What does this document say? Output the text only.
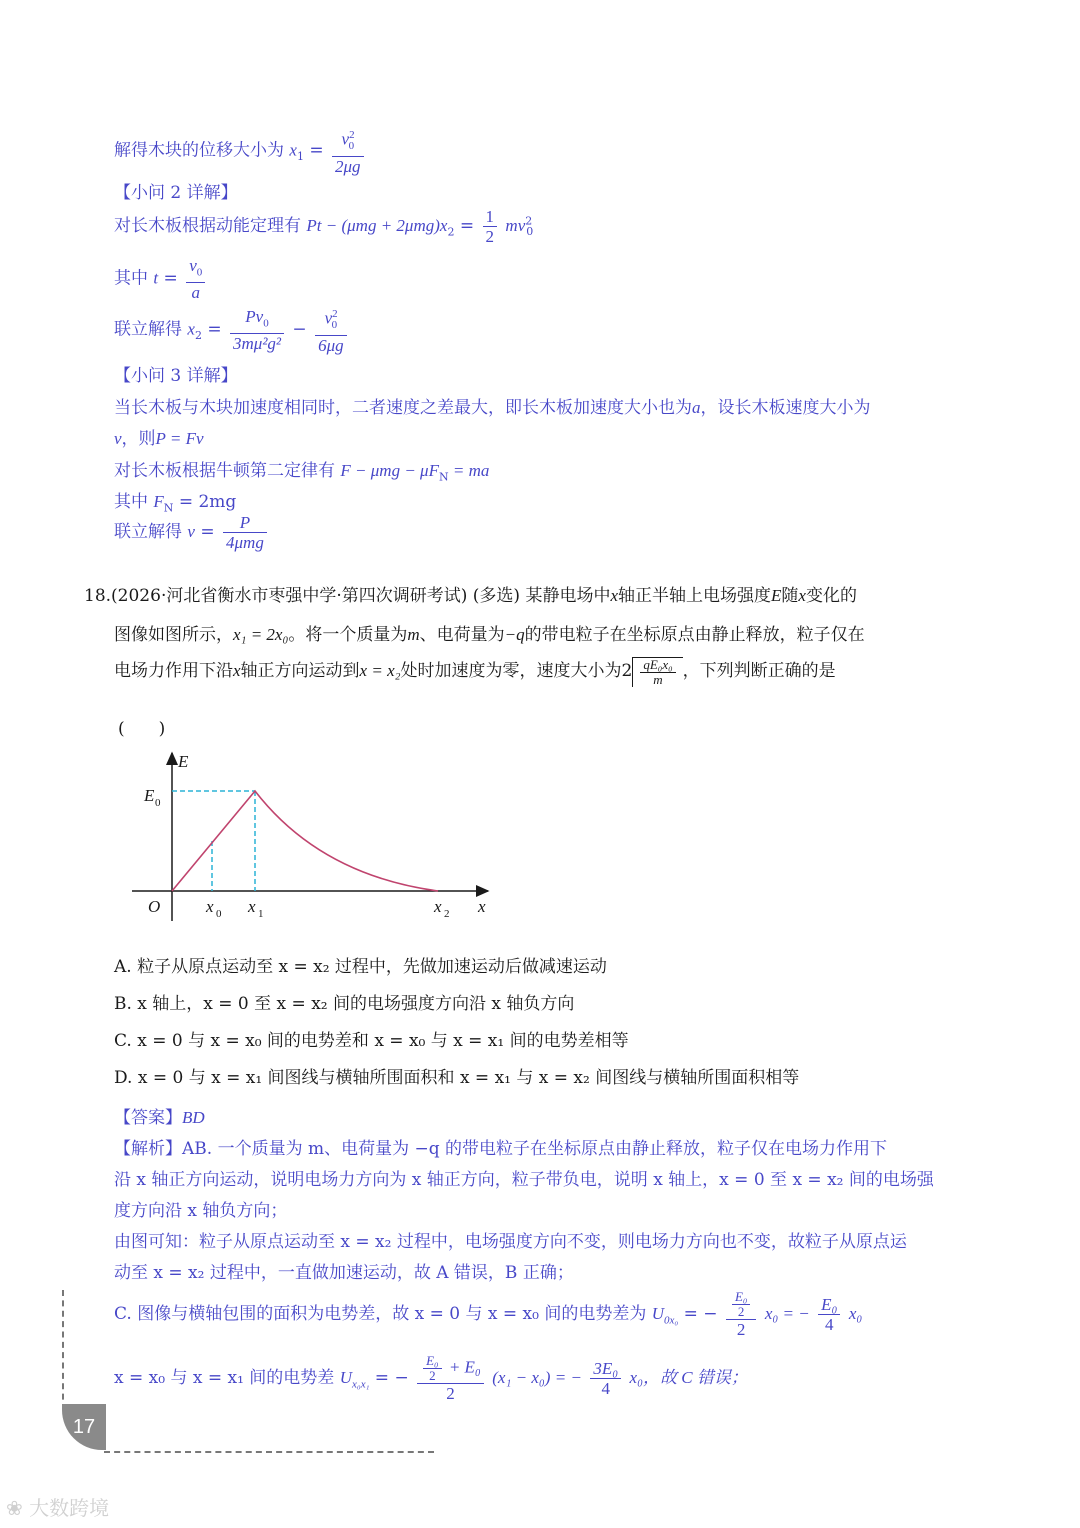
解得木块的位移大小为 $x_1 = \frac{v^2_0}{2\mu g}$
【小问 2 详解】
对长木板根据动能定理有 $Pt - (\mu mg + 2\mu mg)x_2 = \frac{1}{2} mv^2_0$
其中 $t = \frac{v_0}{a}$
联立解得 $x_2 = \frac{Pv_0}{\text{3mμ²g²}} - \frac{v^2_0}{6\mu g}$
【小问 3 详解】
当长木板与木块加速度相同时，二者速度之差最大，即长木板加速度大小也为a，设长木板速度大小为
v，则P = Fv
对长木板根据牛顿第二定律有 $F - \mu mg - \mu F_N$ = ma
其中 $F_N = 2mg$
联立解得 $v = \frac{P}{\text{4μmg}}$
18.(2026·河北省衡水市枣强中学·第四次调研考试) (多选) 某静电场中x轴正半轴上电场强度E随x变化的
图像如图所示，x₁ = 2x₀。将一个质量为m、电荷量为−q的带电粒子在坐标原点由静止释放，粒子仅在
电场力作用下沿x轴正方向运动到x = x₂处时加速度为零，速度大小为$2 \frac{\text{qE₀x₀}}{m}$ ，下列判断正确的是
(　　)
E
x
O
E 0
x 0 x 1	x 2
A. 粒子从原点运动至 x = x₂ 过程中，先做加速运动后做减速运动
B. x 轴上，x = 0 至 x = x₂ 间的电场强度方向沿 x 轴负方向
C. x = 0 与 x = x₀ 间的电势差和 x = x₀ 与 x = x₁ 间的电势差相等
D. x = 0 与 x = x₁ 间图线与横轴所围面积和 x = x₁ 与 x = x₂ 间图线与横轴所围面积相等
【答案】BD
【解析】AB. 一个质量为 m、电荷量为 −q 的带电粒子在坐标原点由静止释放，粒子仅在电场力作用下
沿 x 轴正方向运动，说明电场力方向为 x 轴正方向，粒子带负电，说明 x 轴上，x = 0 至 x = x₂ 间的电场强
度方向沿 x 轴负方向；
由图可知：粒子从原点运动至 x = x₂ 过程中，电场强度方向不变，则电场力方向也不变，故粒子从原点运
动至 x = x₂ 过程中，一直做加速运动，故 A 错误，B 正确；
C. 图像与横轴包围的面积为电势差，故 x = 0 与 x = x₀ 间的电势差为 $U_{0x_0}$ = − $\frac{\frac{\text{E₀}}{2}}{2} x_0$ = − $\frac{\text{E₀}}{4} x_0$
x = x₀ 与 x = x₁ 间的电势差 $U_{x_0x_1}$ = − $\frac{\frac{\text{E₀}}{2} + E_0}{2} (x_1 - x_0)$ = − $\frac{\text{3E₀}}{4} x_0$，故 C 错误；
17
❀ 大数跨境
